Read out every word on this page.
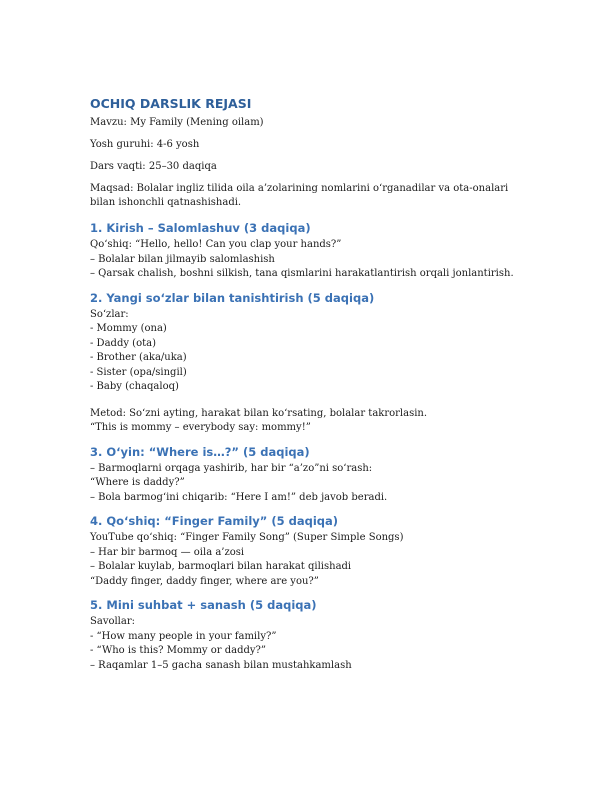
OCHIQ DARSLIK REJASI

Mavzu: My Family (Mening oilam)

Yosh guruhi: 4-6 yosh

Dars vaqti: 25–30 daqiqa

Maqsad: Bolalar ingliz tilida oila a’zolarining nomlarini o‘rganadilar va ota-onalari bilan ishonchli qatnashishadi.

1. Kirish – Salomlashuv (3 daqiqa)

Qo‘shiq: “Hello, hello! Can you clap your hands?”

– Bolalar bilan jilmayib salomlashish

– Qarsak chalish, boshni silkish, tana qismlarini harakatlantirish orqali jonlantirish.

2. Yangi so‘zlar bilan tanishtirish (5 daqiqa)

So‘zlar:

- Mommy (ona)

- Daddy (ota)

- Brother (aka/uka)

- Sister (opa/singil)

- Baby (chaqaloq)

Metod: So‘zni ayting, harakat bilan ko‘rsating, bolalar takrorlasin.

“This is mommy – everybody say: mommy!”

3. O‘yin: “Where is…?” (5 daqiqa)

– Barmoqlarni orqaga yashirib, har bir “a’zo”ni so‘rash:

“Where is daddy?”

– Bola barmog‘ini chiqarib: “Here I am!” deb javob beradi.

4. Qo‘shiq: “Finger Family” (5 daqiqa)

YouTube qo‘shiq: “Finger Family Song” (Super Simple Songs)

– Har bir barmoq — oila a’zosi

– Bolalar kuylab, barmoqlari bilan harakat qilishadi

“Daddy finger, daddy finger, where are you?”

5. Mini suhbat + sanash (5 daqiqa)

Savollar:

- “How many people in your family?”

- “Who is this? Mommy or daddy?”

– Raqamlar 1–5 gacha sanash bilan mustahkamlash
